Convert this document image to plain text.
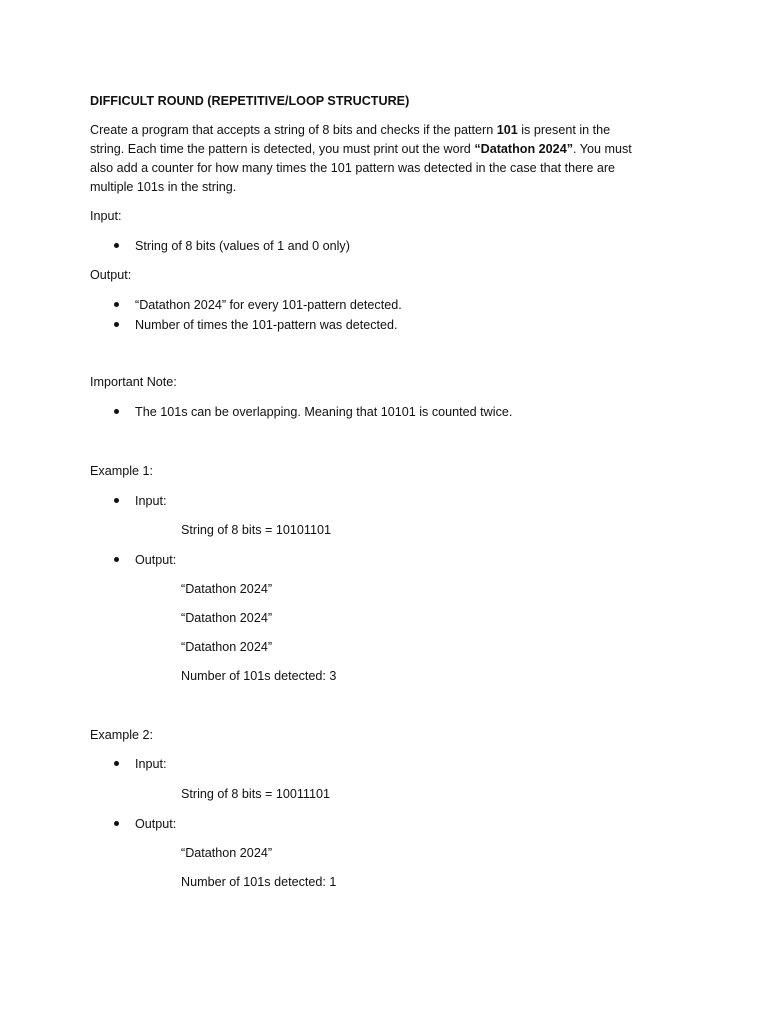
DIFFICULT ROUND (REPETITIVE/LOOP STRUCTURE)
Create a program that accepts a string of 8 bits and checks if the pattern 101 is present in the
string. Each time the pattern is detected, you must print out the word “Datathon 2024”. You must
also add a counter for how many times the 101 pattern was detected in the case that there are
multiple 101s in the string.
Input:
String of 8 bits (values of 1 and 0 only)
Output:
“Datathon 2024” for every 101-pattern detected.
Number of times the 101-pattern was detected.
Important Note:
The 101s can be overlapping. Meaning that 10101 is counted twice.
Example 1:
Input:
String of 8 bits = 10101101
Output:
“Datathon 2024”
“Datathon 2024”
“Datathon 2024”
Number of 101s detected: 3
Example 2:
Input:
String of 8 bits = 10011101
Output:
“Datathon 2024”
Number of 101s detected: 1
